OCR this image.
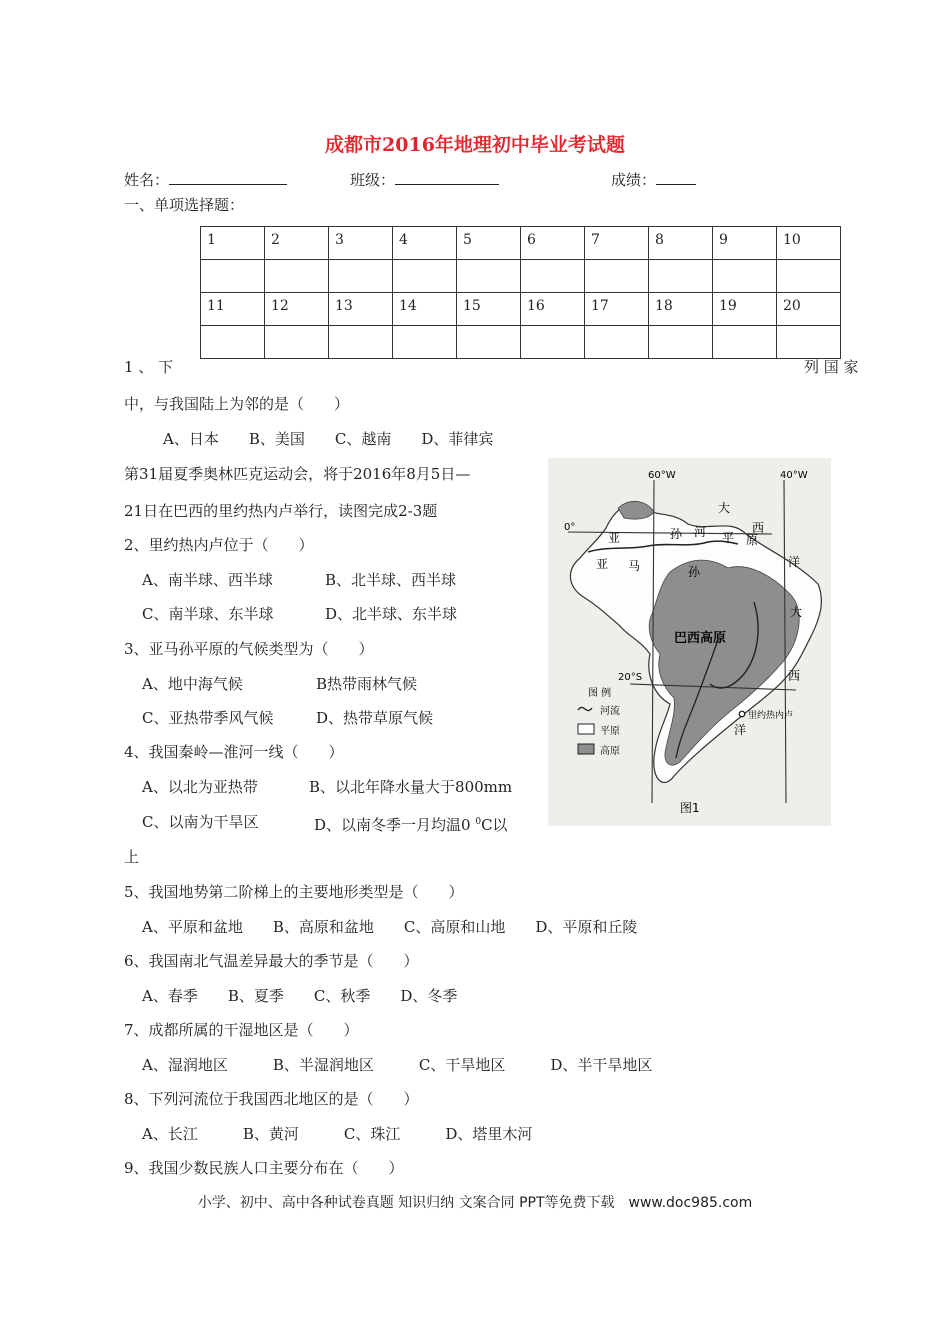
成都市2016年地理初中毕业考试题
姓名：	班级：	成绩：
一、单项选择题：
1	2	3	4	5	6	7	8	9	10

11	12	13	14	15	16	17	18	19	20

1 、 下	列 国 家
中，与我国陆上为邻的是（　　）
A、日本　　B、美国　　C、越南　　D、菲律宾
第31届夏季奥林匹克运动会，将于2016年8月5日—
21日在巴西的里约热内卢举行，读图完成2-3题
2、里约热内卢位于（　　）
A、南半球、西半球	B、北半球、西半球
C、南半球、东半球	D、北半球、东半球
3、亚马孙平原的气候类型为（　　）
A、地中海气候	B热带雨林气候
C、亚热带季风气候	D、热带草原气候
4、我国秦岭—淮河一线（　　）
A、以北为亚热带	B、以北年降水量大于800mm
C、以南为干旱区	D、以南冬季一月均温0 $^0$C以
上
5、我国地势第二阶梯上的主要地形类型是（　　）
A、平原和盆地　　B、高原和盆地　　C、高原和山地　　D、平原和丘陵
6、我国南北气温差异最大的季节是（　　）
A、春季　　B、夏季　　C、秋季　　D、冬季
7、成都所属的干湿地区是（　　）
A、湿润地区　　　B、半湿润地区　　　C、干旱地区　　　D、半干旱地区
8、下列河流位于我国西北地区的是（　　）
A、长江　　　B、黄河　　　C、珠江　　　D、塔里木河
9、我国少数民族人口主要分布在（　　）
60°W	40°W
0°
20°S
亚	孙 河
亚 马	孙
平 原
大
西
洋
大
西
洋
巴西高原
里约热内卢
图 例
河流
平原
高原
图1
小学、初中、高中各种试卷真题 知识归纳 文案合同 PPT等免费下载　www.doc985.com
